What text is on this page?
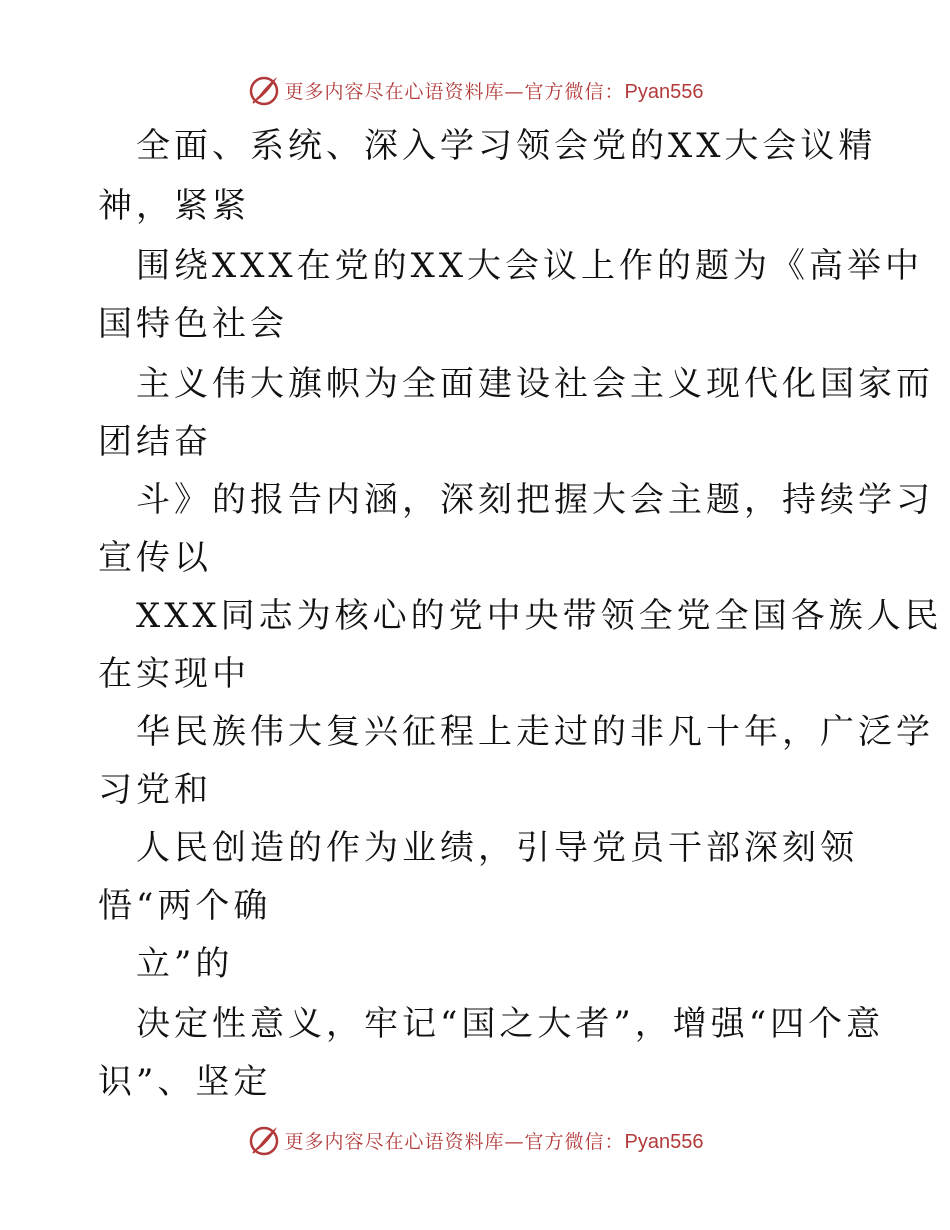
更多内容尽在心语资料库—官方微信：Pyan556
全面、系统、深入学习领会党的XX大会议精
神，紧紧
围绕XXX在党的XX大会议上作的题为《高举中
国特色社会
主义伟大旗帜为全面建设社会主义现代化国家而
团结奋
斗》的报告内涵，深刻把握大会主题，持续学习
宣传以
XXX同志为核心的党中央带领全党全国各族人民
在实现中
华民族伟大复兴征程上走过的非凡十年，广泛学
习党和
人民创造的作为业绩，引导党员干部深刻领
悟“两个确
立”的
决定性意义，牢记“国之大者”，增强“四个意
识”、坚定
更多内容尽在心语资料库—官方微信：Pyan556
